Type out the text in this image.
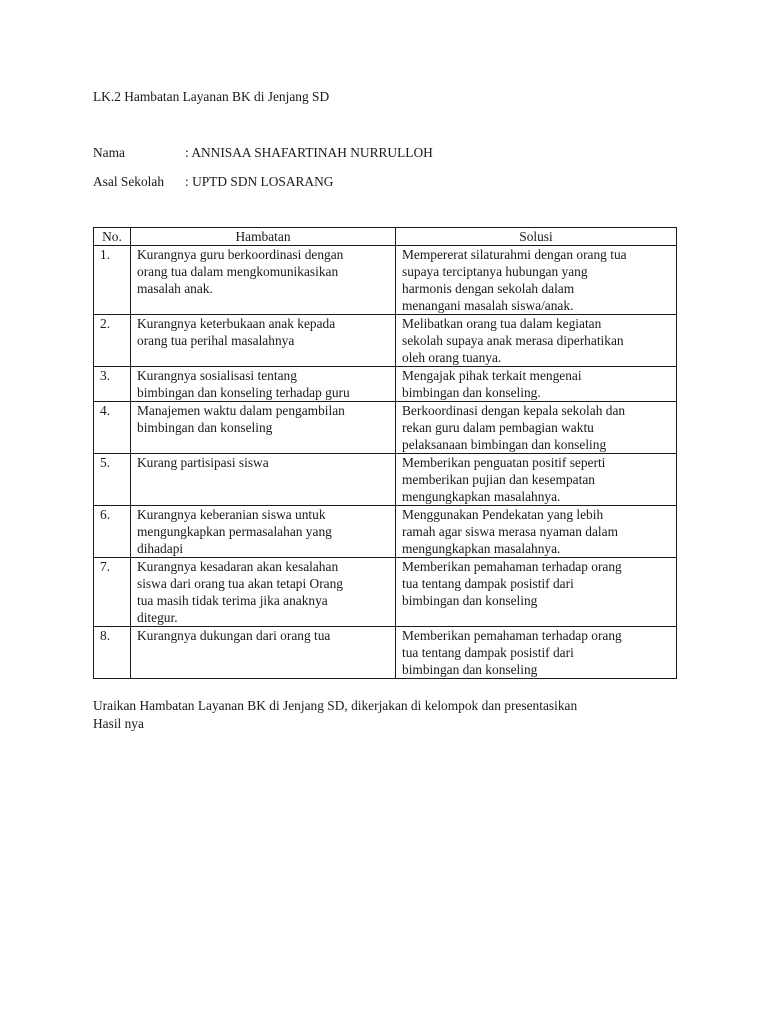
LK.2 Hambatan Layanan BK di Jenjang SD
Nama	: ANNISAA SHAFARTINAH NURRULLOH
Asal Sekolah	: UPTD SDN LOSARANG
No.	Hambatan	Solusi
1.	Kurangnya guru berkoordinasi dengan
orang tua dalam mengkomunikasikan
masalah anak.	Mempererat silaturahmi dengan orang tua
supaya terciptanya hubungan yang
harmonis dengan sekolah dalam
menangani masalah siswa/anak.

2.	Kurangnya keterbukaan anak kepada
orang tua perihal masalahnya	Melibatkan orang tua dalam kegiatan
sekolah supaya anak merasa diperhatikan
oleh orang tuanya.

3.	Kurangnya sosialisasi tentang
bimbingan dan konseling terhadap guru	Mengajak pihak terkait mengenai
bimbingan dan konseling.

4.	Manajemen waktu dalam pengambilan
bimbingan dan konseling	Berkoordinasi dengan kepala sekolah dan
rekan guru dalam pembagian waktu
pelaksanaan bimbingan dan konseling

5.	Kurang partisipasi siswa	Memberikan penguatan positif seperti
memberikan pujian dan kesempatan
mengungkapkan masalahnya.

6.	Kurangnya keberanian siswa untuk
mengungkapkan permasalahan yang
dihadapi	Menggunakan Pendekatan yang lebih
ramah agar siswa merasa nyaman dalam
mengungkapkan masalahnya.

7.	Kurangnya kesadaran akan kesalahan
siswa dari orang tua akan tetapi Orang
tua masih tidak terima jika anaknya
ditegur.	Memberikan pemahaman terhadap orang
tua tentang dampak posistif dari
bimbingan dan konseling

8.	Kurangnya dukungan dari orang tua	Memberikan pemahaman terhadap orang
tua tentang dampak posistif dari
bimbingan dan konseling
Uraikan Hambatan Layanan BK di Jenjang SD, dikerjakan di kelompok dan presentasikan
Hasil nya
